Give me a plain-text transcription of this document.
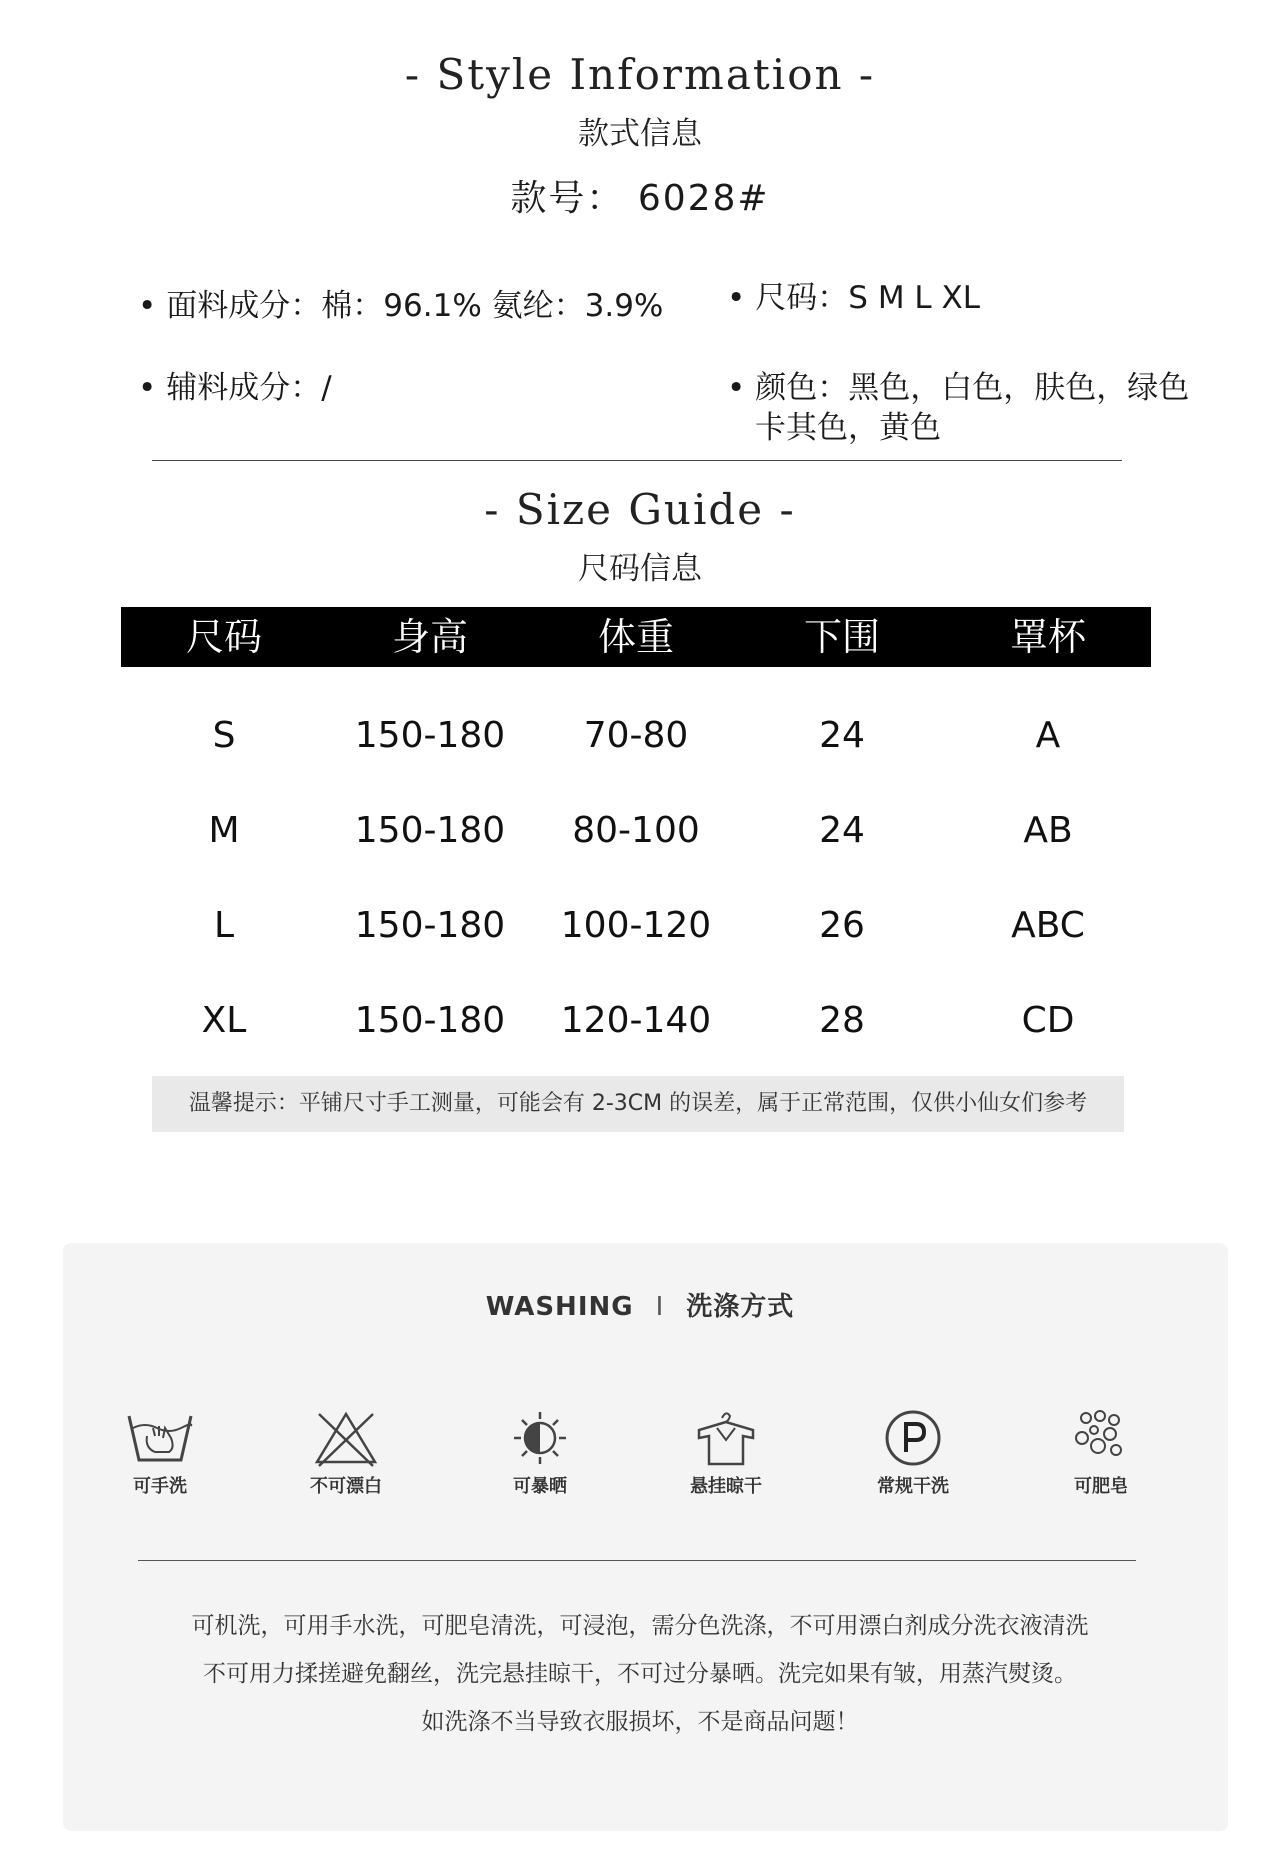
- Style Information -
款式信息
款号： 6028#
• 面料成分：棉：96.1% 氨纶：3.9%	• 尺码：S M L XL
• 辅料成分：/	• 颜色：黑色，白色，肤色，绿色
卡其色，黄色
- Size Guide -
尺码信息
尺码	身高	体重	下围	罩杯
S	150-180	70-80	24	A
M	150-180	80-100	24	AB
L	150-180	100-120	26	ABC
XL	150-180	120-140	28	CD
温馨提示：平铺尺寸手工测量，可能会有 2-3CM 的误差，属于正常范围，仅供小仙女们参考
WASHING I 洗涤方式
可手洗	不可漂白	可暴晒	悬挂晾干	常规干洗	可肥皂
可机洗，可用手水洗，可肥皂清洗，可浸泡，需分色洗涤，不可用漂白剂成分洗衣液清洗
不可用力揉搓避免翻丝，洗完悬挂晾干，不可过分暴晒。洗完如果有皱，用蒸汽熨烫。
如洗涤不当导致衣服损坏，不是商品问题！
